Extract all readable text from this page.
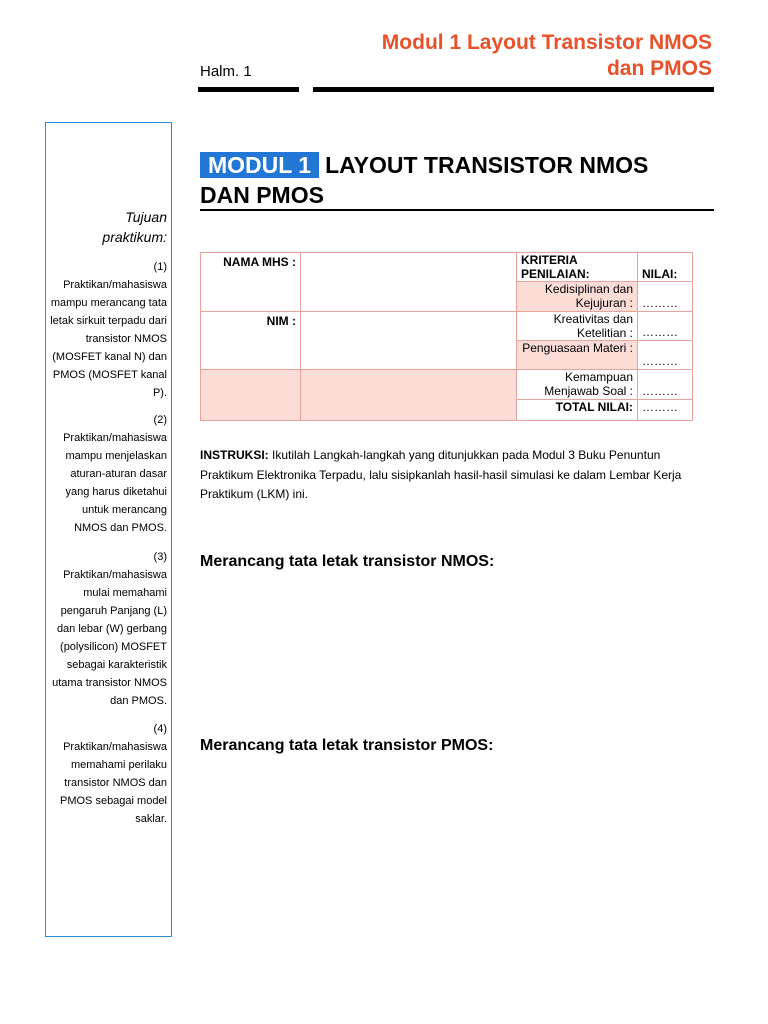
Modul 1 Layout Transistor NMOS
dan PMOS
Halm. 1
Tujuan
praktikum:
(1)
Praktikan/mahasiswa mampu merancang tata letak sirkuit terpadu dari transistor NMOS (MOSFET kanal N) dan PMOS (MOSFET kanal P).
(2)
Praktikan/mahasiswa mampu menjelaskan aturan-aturan dasar yang harus diketahui untuk merancang NMOS dan PMOS.
(3)
Praktikan/mahasiswa mulai memahami pengaruh Panjang (L) dan lebar (W) gerbang (polysilicon) MOSFET sebagai karakteristik utama transistor NMOS dan PMOS.
(4)
Praktikan/mahasiswa memahami perilaku transistor NMOS dan PMOS sebagai model saklar.
MODUL 1 LAYOUT TRANSISTOR NMOS
DAN PMOS
NAMA MHS :		KRITERIA PENILAIAN:	NILAI:
		Kedisiplinan dan Kejujuran :	………
NIM :		Kreativitas dan Ketelitian :	………
		Penguasaan Materi :	………
		Kemampuan Menjawab Soal :	………
		TOTAL NILAI:	………
INSTRUKSI: Ikutilah Langkah-langkah yang ditunjukkan pada Modul 3 Buku Penuntun Praktikum Elektronika Terpadu, lalu sisipkanlah hasil-hasil simulasi ke dalam Lembar Kerja Praktikum (LKM) ini.
Merancang tata letak transistor NMOS:
Merancang tata letak transistor PMOS:
